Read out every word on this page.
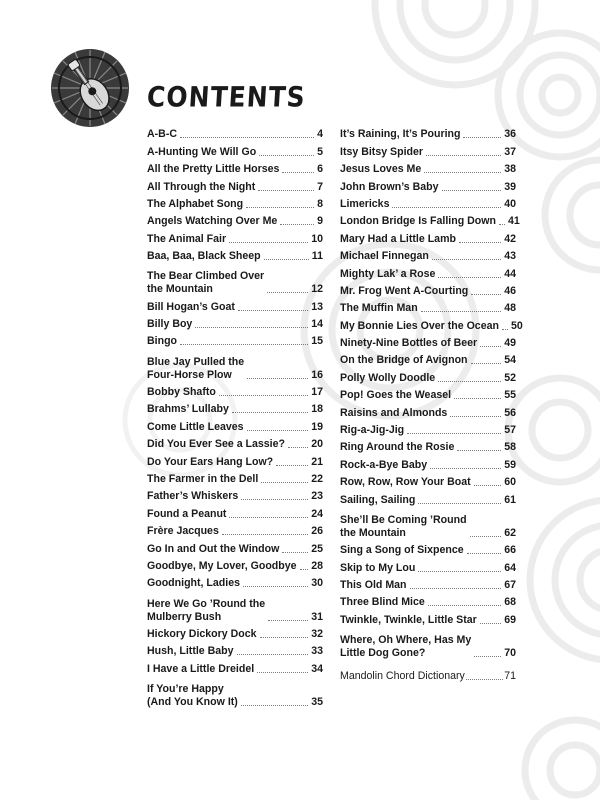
CONTENTS
A-B-C	4
A-Hunting We Will Go	5
All the Pretty Little Horses	6
All Through the Night	7
The Alphabet Song	8
Angels Watching Over Me	9
The Animal Fair	10
Baa, Baa, Black Sheep	11
The Bear Climbed Over
the Mountain	12
Bill Hogan’s Goat	13
Billy Boy	14
Bingo	15
Blue Jay Pulled the
Four-Horse Plow	16
Bobby Shafto	17
Brahms’ Lullaby	18
Come Little Leaves	19
Did You Ever See a Lassie? 20
Do Your Ears Hang Low?	21
The Farmer in the Dell	22
Father’s Whiskers	23
Found a Peanut	24
Frère Jacques	26
Go In and Out the Window	25
Goodbye, My Lover, Goodbye 28
Goodnight, Ladies	30
Here We Go ’Round the
Mulberry Bush	31
Hickory Dickory Dock	32
Hush, Little Baby	33
I Have a Little Dreidel	34
If You’re Happy
(And You Know It)	35
It’s Raining, It’s Pouring	36
Itsy Bitsy Spider	37
Jesus Loves Me	38
John Brown’s Baby	39
Limericks	40
London Bridge Is Falling Down 41
Mary Had a Little Lamb	42
Michael Finnegan	43
Mighty Lak’ a Rose	44
Mr. Frog Went A-Courting	46
The Muffin Man	48
My Bonnie Lies Over the Ocean 50
Ninety-Nine Bottles of Beer	49
On the Bridge of Avignon	54
Polly Wolly Doodle	52
Pop! Goes the Weasel	55
Raisins and Almonds	56
Rig-a-Jig-Jig	57
Ring Around the Rosie	58
Rock-a-Bye Baby	59
Row, Row, Row Your Boat	60
Sailing, Sailing	61
She’ll Be Coming ’Round
the Mountain	62
Sing a Song of Sixpence	66
Skip to My Lou	64
This Old Man	67
Three Blind Mice	68
Twinkle, Twinkle, Little Star	69
Where, Oh Where, Has My
Little Dog Gone?	70
Mandolin Chord Dictionary	71
